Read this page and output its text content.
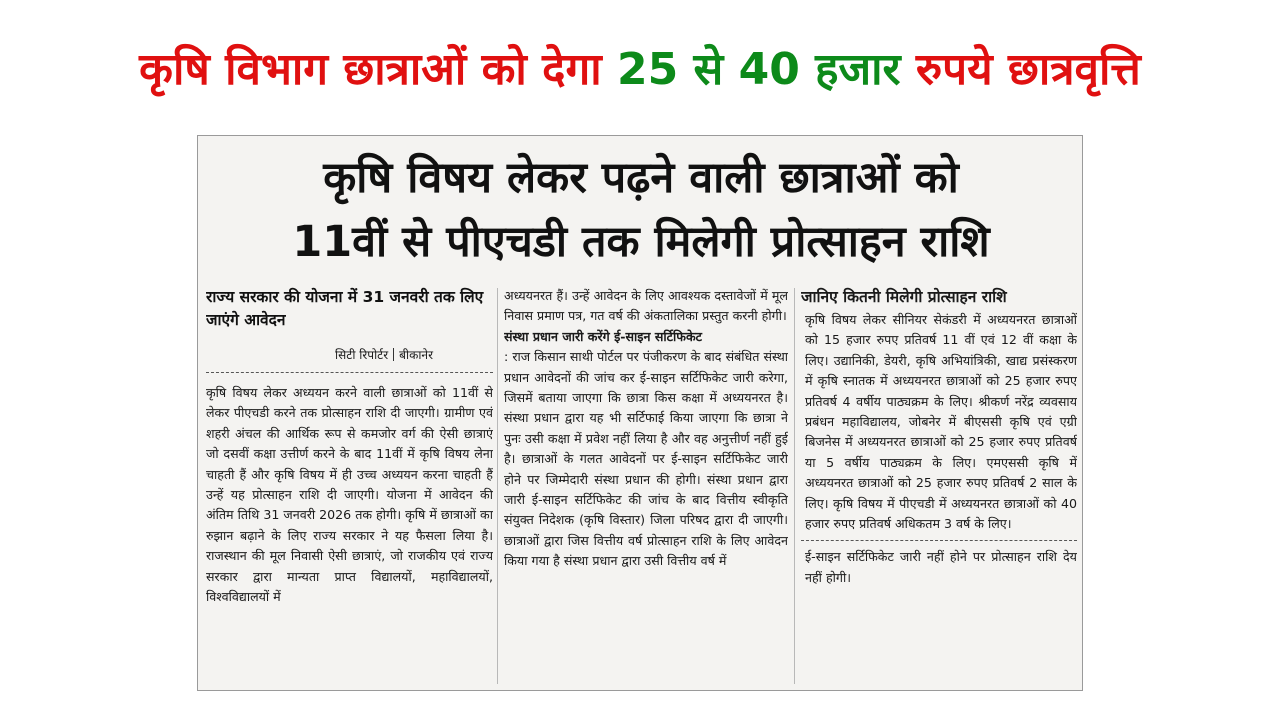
कृषि विभाग छात्राओं को देगा 25 से 40 हजार रुपये छात्रवृत्ति
कृषि विषय लेकर पढ़ने वाली छात्राओं को
11वीं से पीएचडी तक मिलेगी प्रोत्साहन राशि
राज्य सरकार की योजना में 31 जनवरी तक लिए जाएंगे आवेदन
सिटी रिपोर्टर बीकानेर

कृषि विषय लेकर अध्ययन करने वाली छात्राओं को 11वीं से लेकर पीएचडी करने तक प्रोत्साहन राशि दी जाएगी। ग्रामीण एवं शहरी अंचल की आर्थिक रूप से कमजोर वर्ग की ऐसी छात्राएं जो दसवीं कक्षा उत्तीर्ण करने के बाद 11वीं में कृषि विषय लेना चाहती हैं और कृषि विषय में ही उच्च अध्ययन करना चाहती हैं उन्हें यह प्रोत्साहन राशि दी जाएगी। योजना में आवेदन की अंतिम तिथि 31 जनवरी 2026 तक होगी। कृषि में छात्राओं का रुझान बढ़ाने के लिए राज्य सरकार ने यह फैसला लिया है। राजस्थान की मूल निवासी ऐसी छात्राएं, जो राजकीय एवं राज्य सरकार द्वारा मान्यता प्राप्त विद्यालयों, महाविद्यालयों, विश्वविद्यालयों में

अध्ययनरत हैं। उन्हें आवेदन के लिए आवश्यक दस्तावेजों में मूल निवास प्रमाण पत्र, गत वर्ष की अंकतालिका प्रस्तुत करनी होगी।

संस्था प्रधान जारी करेंगे ई-साइन सर्टिफिकेट

: राज किसान साथी पोर्टल पर पंजीकरण के बाद संबंधित संस्था प्रधान आवेदनों की जांच कर ई-साइन सर्टिफिकेट जारी करेगा, जिसमें बताया जाएगा कि छात्रा किस कक्षा में अध्ययनरत है। संस्था प्रधान द्वारा यह भी सर्टिफाई किया जाएगा कि छात्रा ने पुनः उसी कक्षा में प्रवेश नहीं लिया है और वह अनुत्तीर्ण नहीं हुई है। छात्राओं के गलत आवेदनों पर ई-साइन सर्टिफिकेट जारी होने पर जिम्मेदारी संस्था प्रधान की होगी। संस्था प्रधान द्वारा जारी ई-साइन सर्टिफिकेट की जांच के बाद वित्तीय स्वीकृति संयुक्त निदेशक (कृषि विस्तार) जिला परिषद द्वारा दी जाएगी। छात्राओं द्वारा जिस वित्तीय वर्ष प्रोत्साहन राशि के लिए आवेदन किया गया है संस्था प्रधान द्वारा उसी वित्तीय वर्ष में

जानिए कितनी मिलेगी प्रोत्साहन राशि

कृषि विषय लेकर सीनियर सेकंडरी में अध्ययनरत छात्राओं को 15 हजार रुपए प्रतिवर्ष 11 वीं एवं 12 वीं कक्षा के लिए। उद्यानिकी, डेयरी, कृषि अभियांत्रिकी, खाद्य प्रसंस्करण में कृषि स्नातक में अध्ययनरत छात्राओं को 25 हजार रुपए प्रतिवर्ष 4 वर्षीय पाठ्यक्रम के लिए। श्रीकर्ण नरेंद्र व्यवसाय प्रबंधन महाविद्यालय, जोबनेर में बीएससी कृषि एवं एग्री बिजनेस में अध्ययनरत छात्राओं को 25 हजार रुपए प्रतिवर्ष या 5 वर्षीय पाठ्यक्रम के लिए। एमएससी कृषि में अध्ययनरत छात्राओं को 25 हजार रुपए प्रतिवर्ष 2 साल के लिए। कृषि विषय में पीएचडी में अध्ययनरत छात्राओं को 40 हजार रुपए प्रतिवर्ष अधिकतम 3 वर्ष के लिए।

ई-साइन सर्टिफिकेट जारी नहीं होने पर प्रोत्साहन राशि देय नहीं होगी।
